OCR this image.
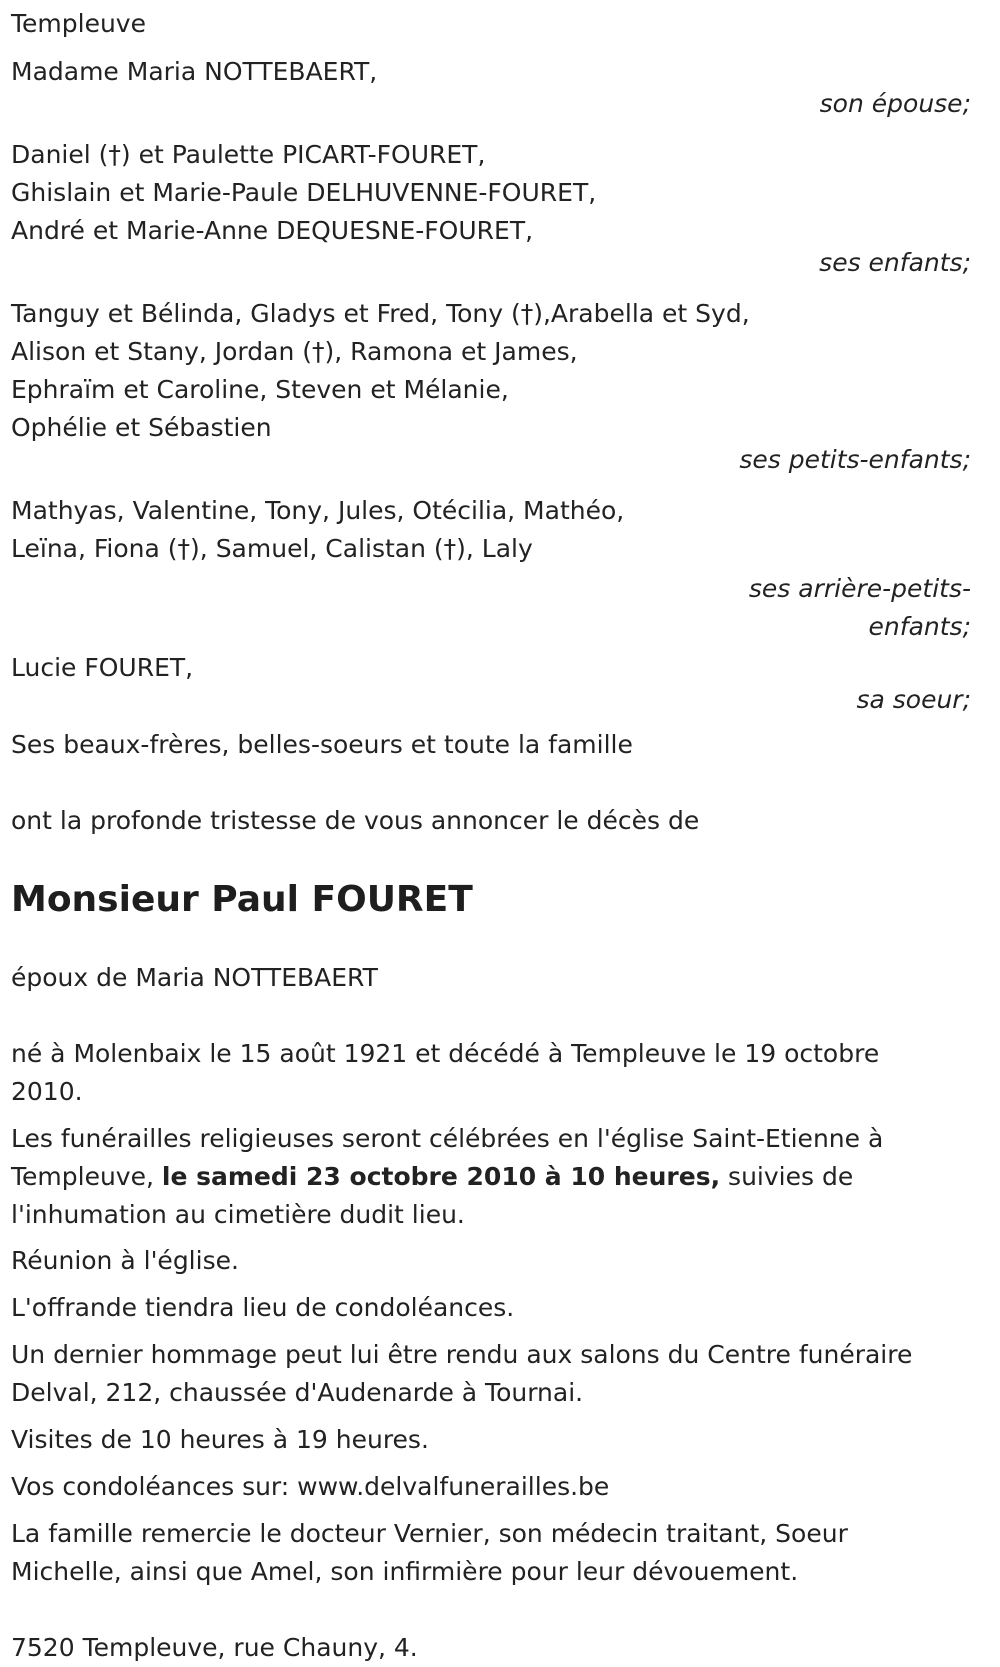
Templeuve

Madame Maria NOTTEBAERT,

son épouse;

Daniel (†) et Paulette PICART-FOURET,

Ghislain et Marie-Paule DELHUVENNE-FOURET,

André et Marie-Anne DEQUESNE-FOURET,

ses enfants;

Tanguy et Bélinda, Gladys et Fred, Tony (†),Arabella et Syd,

Alison et Stany, Jordan (†), Ramona et James,

Ephraïm et Caroline, Steven et Mélanie,

Ophélie et Sébastien

ses petits-enfants;

Mathyas, Valentine, Tony, Jules, Otécilia, Mathéo,

Leïna, Fiona (†), Samuel, Calistan (†), Laly

ses arrière-petits-

enfants;

Lucie FOURET,

sa soeur;

Ses beaux-frères, belles-soeurs et toute la famille

ont la profonde tristesse de vous annoncer le décès de

Monsieur Paul FOURET

époux de Maria NOTTEBAERT

né à Molenbaix le 15 août 1921 et décédé à Templeuve le 19 octobre 2010.

Les funérailles religieuses seront célébrées en l'église Saint-Etienne à Templeuve, le samedi 23 octobre 2010 à 10 heures, suivies de l'inhumation au cimetière dudit lieu.

Réunion à l'église.

L'offrande tiendra lieu de condoléances.

Un dernier hommage peut lui être rendu aux salons du Centre funéraire Delval, 212, chaussée d'Audenarde à Tournai.

Visites de 10 heures à 19 heures.

Vos condoléances sur: www.delvalfunerailles.be

La famille remercie le docteur Vernier, son médecin traitant, Soeur Michelle, ainsi que Amel, son infirmière pour leur dévouement.

7520 Templeuve, rue Chauny, 4.
